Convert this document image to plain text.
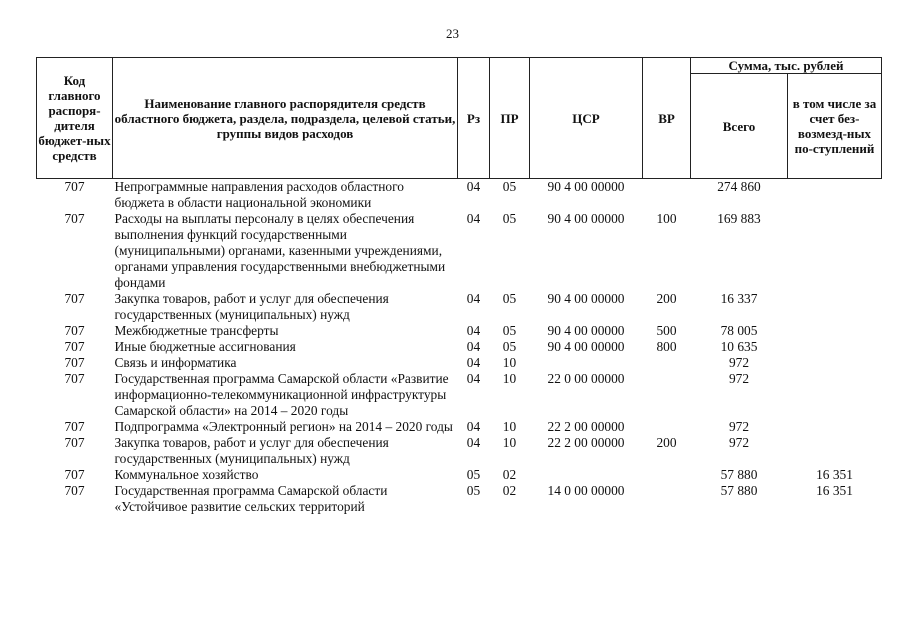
23
Код главного распоря-дителя бюджет-ных средств	Наименование главного распорядителя средств областного бюджета, раздела, подраздела, целевой статьи, группы видов расходов	Рз	ПР	ЦСР	ВР	Сумма, тыс. рублей	
						Всего	в том числе за счет без-возмезд-ных по-ступлений
707	Непрограммные направления расходов областного бюджета в области национальной экономики	04	05	90 4 00 00000		274 860	
707	Расходы на выплаты персоналу в целях обеспечения выполнения функций государственными (муниципальными) органами, казенными учреждениями, органами управления государственными внебюджетными фондами	04	05	90 4 00 00000	100	169 883	
707	Закупка товаров, работ и услуг для обеспечения государственных (муниципальных) нужд	04	05	90 4 00 00000	200	16 337	
707	Межбюджетные трансферты	04	05	90 4 00 00000	500	78 005	
707	Иные бюджетные ассигнования	04	05	90 4 00 00000	800	10 635	
707	Связь и информатика	04	10			972	
707	Государственная программа Самарской области «Развитие информационно-телекоммуникационной инфраструктуры Самарской области» на 2014 – 2020 годы	04	10	22 0 00 00000		972	
707	Подпрограмма «Электронный регион» на 2014 – 2020 годы	04	10	22 2 00 00000		972	
707	Закупка товаров, работ и услуг для обеспечения государственных (муниципальных) нужд	04	10	22 2 00 00000	200	972	
707	Коммунальное хозяйство	05	02			57 880	16 351
707	Государственная программа Самарской области «Устойчивое развитие сельских территорий	05	02	14 0 00 00000		57 880	16 351
